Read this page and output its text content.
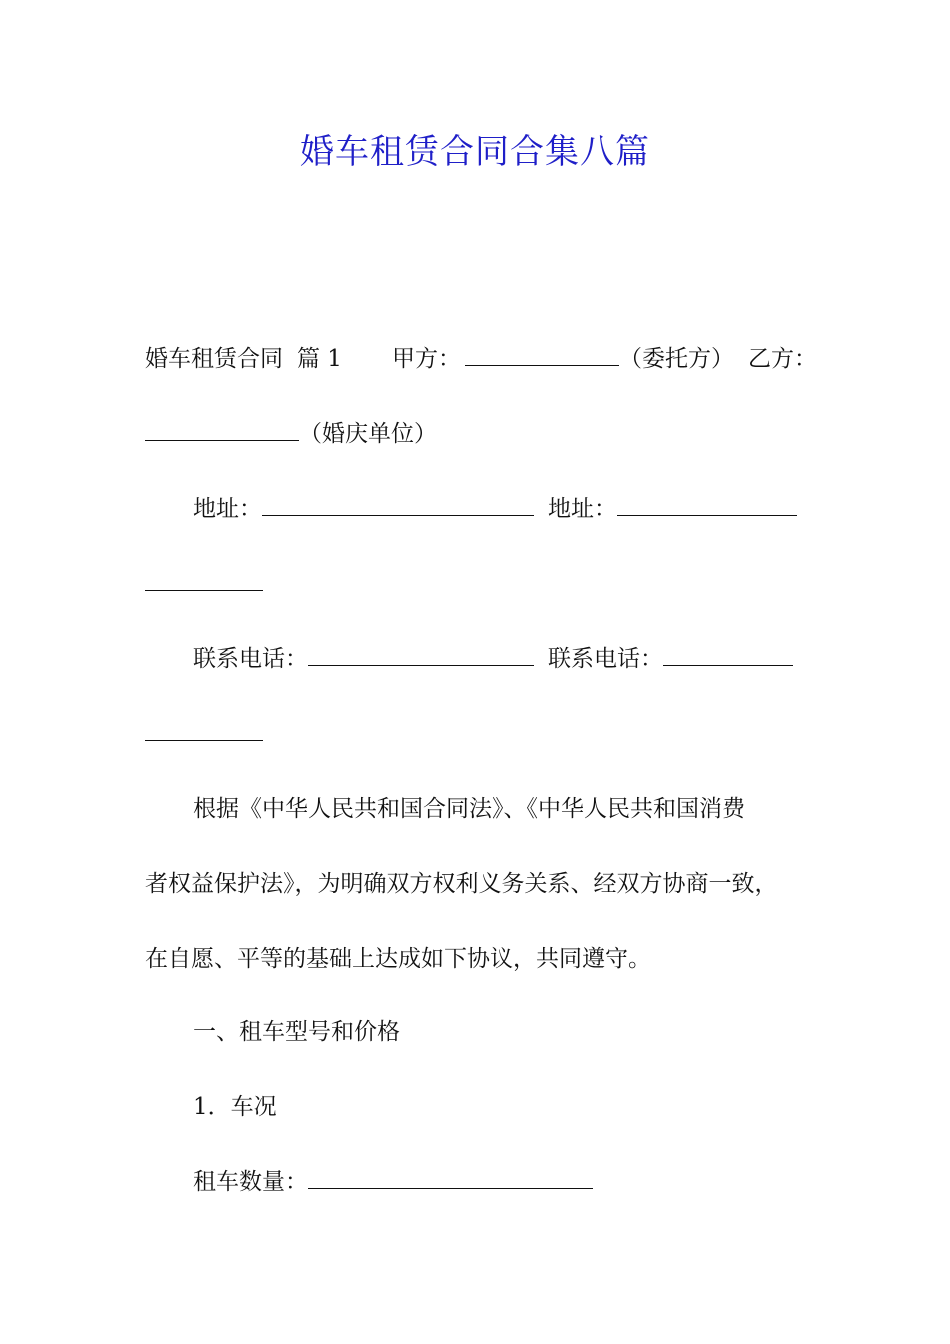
婚车租赁合同合集八篇
婚车租赁合同 篇 1 甲方：	（委托方） 乙方：
（婚庆单位）
地址：	地址：
联系电话：	联系电话：
根据《中华人民共和国合同法》、《中华人民共和国消费
者权益保护法》，为明确双方权利义务关系、经双方协商一致，
在自愿、平等的基础上达成如下协议，共同遵守。
一、租车型号和价格
1．车况
租车数量：
